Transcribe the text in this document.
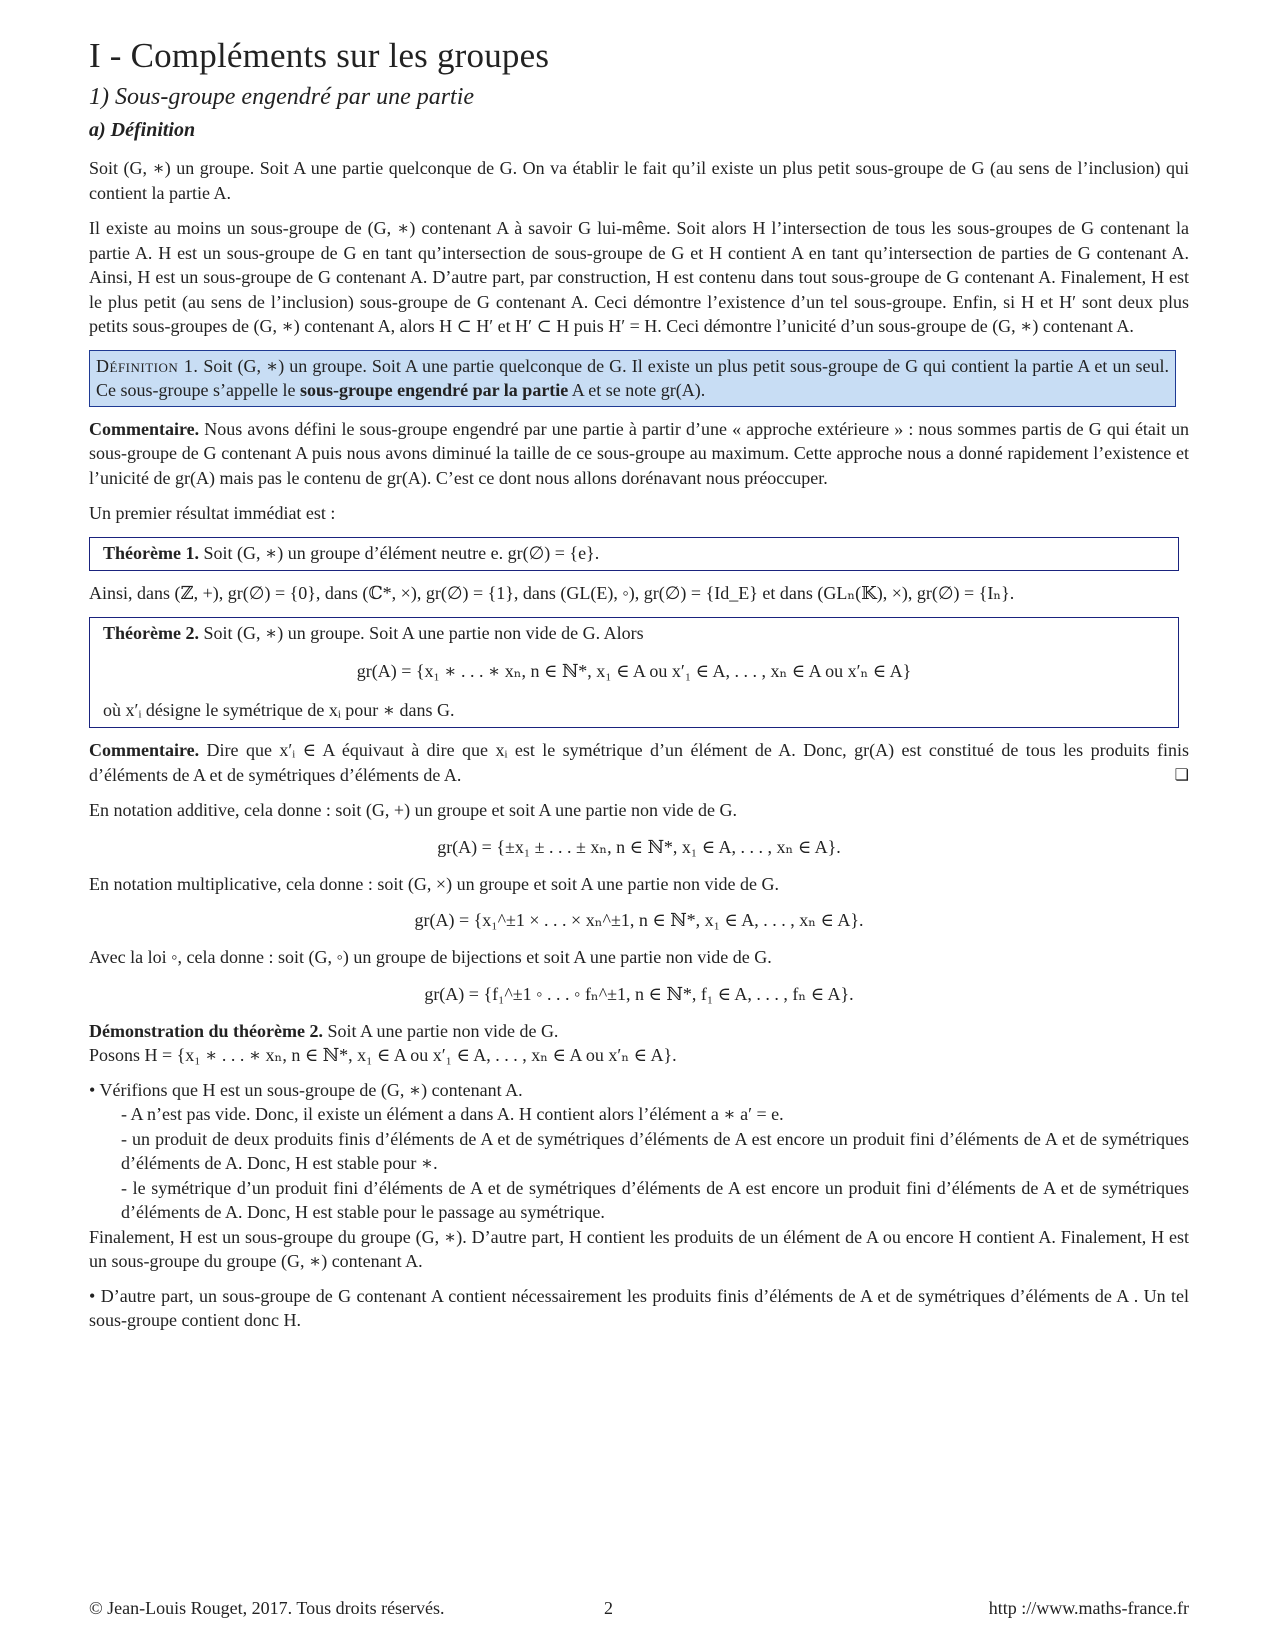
I - Compléments sur les groupes
1) Sous-groupe engendré par une partie
a) Définition

Soit (G, ∗) un groupe. Soit A une partie quelconque de G. On va établir le fait qu’il existe un plus petit sous-groupe de G (au sens de l’inclusion) qui contient la partie A.

Il existe au moins un sous-groupe de (G, ∗) contenant A à savoir G lui-même. Soit alors H l’intersection de tous les sous-groupes de G contenant la partie A. H est un sous-groupe de G en tant qu’intersection de sous-groupe de G et H contient A en tant qu’intersection de parties de G contenant A. Ainsi, H est un sous-groupe de G contenant A. D’autre part, par construction, H est contenu dans tout sous-groupe de G contenant A. Finalement, H est le plus petit (au sens de l’inclusion) sous-groupe de G contenant A. Ceci démontre l’existence d’un tel sous-groupe. Enfin, si H et H′ sont deux plus petits sous-groupes de (G, ∗) contenant A, alors H ⊂ H′ et H′ ⊂ H puis H′ = H. Ceci démontre l’unicité d’un sous-groupe de (G, ∗) contenant A.

Définition 1. Soit (G, ∗) un groupe. Soit A une partie quelconque de G. Il existe un plus petit sous-groupe de G qui contient la partie A et un seul. Ce sous-groupe s’appelle le sous-groupe engendré par la partie A et se note gr(A).

Commentaire. Nous avons défini le sous-groupe engendré par une partie à partir d’une « approche extérieure » : nous sommes partis de G qui était un sous-groupe de G contenant A puis nous avons diminué la taille de ce sous-groupe au maximum. Cette approche nous a donné rapidement l’existence et l’unicité de gr(A) mais pas le contenu de gr(A). C’est ce dont nous allons dorénavant nous préoccuper.

Un premier résultat immédiat est :

Théorème 1. Soit (G, ∗) un groupe d’élément neutre e. gr(∅) = {e}.

Ainsi, dans (ℤ, +), gr(∅) = {0}, dans (ℂ*, ×), gr(∅) = {1}, dans (GL(E), ◦), gr(∅) = {Id_E} et dans (GLₙ(𝕂), ×), gr(∅) = {Iₙ}.

Théorème 2. Soit (G, ∗) un groupe. Soit A une partie non vide de G. Alors
gr(A) = {x₁ ∗ . . . ∗ xₙ, n ∈ ℕ*, x₁ ∈ A ou x′₁ ∈ A, . . . , xₙ ∈ A ou x′ₙ ∈ A}
où x′ᵢ désigne le symétrique de xᵢ pour ∗ dans G.

Commentaire. Dire que x′ᵢ ∈ A équivaut à dire que xᵢ est le symétrique d’un élément de A. Donc, gr(A) est constitué de tous les produits finis d’éléments de A et de symétriques d’éléments de A.	❏

En notation additive, cela donne : soit (G, +) un groupe et soit A une partie non vide de G.

gr(A) = {±x₁ ± . . . ± xₙ, n ∈ ℕ*, x₁ ∈ A, . . . , xₙ ∈ A}.

En notation multiplicative, cela donne : soit (G, ×) un groupe et soit A une partie non vide de G.

gr(A) = {x₁^±1 × . . . × xₙ^±1, n ∈ ℕ*, x₁ ∈ A, . . . , xₙ ∈ A}.

Avec la loi ◦, cela donne : soit (G, ◦) un groupe de bijections et soit A une partie non vide de G.

gr(A) = {f₁^±1 ◦ . . . ◦ fₙ^±1, n ∈ ℕ*, f₁ ∈ A, . . . , fₙ ∈ A}.
Démonstration du théorème 2. Soit A une partie non vide de G.
Posons H = {x₁ ∗ . . . ∗ xₙ, n ∈ ℕ*, x₁ ∈ A ou x′₁ ∈ A, . . . , xₙ ∈ A ou x′ₙ ∈ A}.
• Vérifions que H est un sous-groupe de (G, ∗) contenant A.
- A n’est pas vide. Donc, il existe un élément a dans A. H contient alors l’élément a ∗ a′ = e.
- un produit de deux produits finis d’éléments de A et de symétriques d’éléments de A est encore un produit fini d’éléments de A et de symétriques d’éléments de A. Donc, H est stable pour ∗.
- le symétrique d’un produit fini d’éléments de A et de symétriques d’éléments de A est encore un produit fini d’éléments de A et de symétriques d’éléments de A. Donc, H est stable pour le passage au symétrique.
Finalement, H est un sous-groupe du groupe (G, ∗). D’autre part, H contient les produits de un élément de A ou encore H contient A. Finalement, H est un sous-groupe du groupe (G, ∗) contenant A.
• D’autre part, un sous-groupe de G contenant A contient nécessairement les produits finis d’éléments de A et de symétriques d’éléments de A . Un tel sous-groupe contient donc H.
© Jean-Louis Rouget, 2017. Tous droits réservés.	2	http ://www.maths-france.fr
